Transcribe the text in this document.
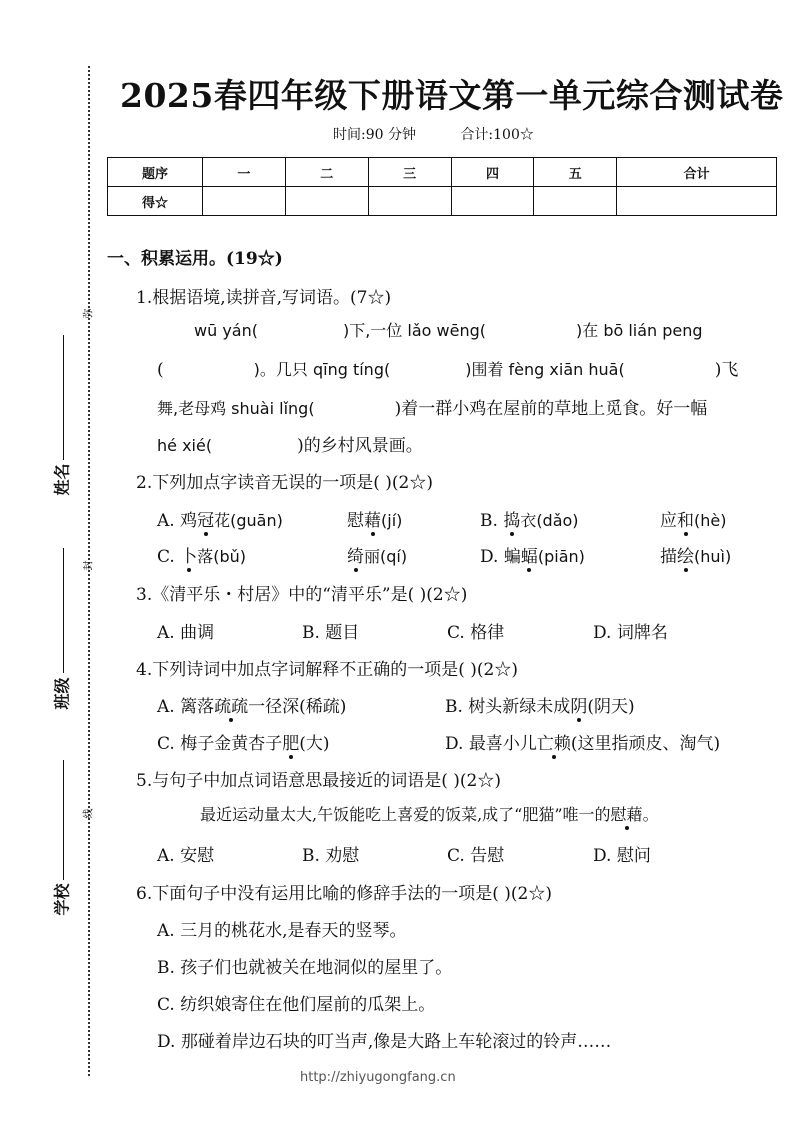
2025春四年级下册语文第一单元综合测试卷
时间:90 分钟	合计:100☆
题序	一	二	三	四	五	合计
得☆						
弥
封
线
姓名
班级
学校
一、积累运用。(19☆)
1.根据语境,读拼音,写词语。(7☆)
wū yán(	)下,一位 lǎo wēng(	)在 bō lián peng
(	)。几只 qīng tíng(	)围着 fèng xiān huā(	)飞
舞,老母鸡 shuài lǐng(	)着一群小鸡在屋前的草地上觅食。好一幅
hé xié(	)的乡村风景画。
2.下列加点字读音无误的一项是( )(2☆)
A. 鸡冠花(guān)	慰藉(jí)	B. 捣衣(dǎo)	应和(hè)
C. 卜落(bǔ)	绮丽(qí)	D. 蝙蝠(piān)	描绘(huì)
3.《清平乐・村居》中的“清平乐”是( )(2☆)
A. 曲调	B. 题目	C. 格律	D. 词牌名
4.下列诗词中加点字词解释不正确的一项是( )(2☆)
A. 篱落疏疏一径深(稀疏)	B. 树头新绿未成阴(阴天)
C. 梅子金黄杏子肥(大)	D. 最喜小儿亡赖(这里指顽皮、淘气)
5.与句子中加点词语意思最接近的词语是( )(2☆)
最近运动量太大,午饭能吃上喜爱的饭菜,成了“肥猫”唯一的慰藉。
A. 安慰	B. 劝慰	C. 告慰	D. 慰问
6.下面句子中没有运用比喻的修辞手法的一项是( )(2☆)
A. 三月的桃花水,是春天的竖琴。
B. 孩子们也就被关在地洞似的屋里了。
C. 纺织娘寄住在他们屋前的瓜架上。
D. 那碰着岸边石块的叮当声,像是大路上车轮滚过的铃声……
http://zhiyugongfang.cn
